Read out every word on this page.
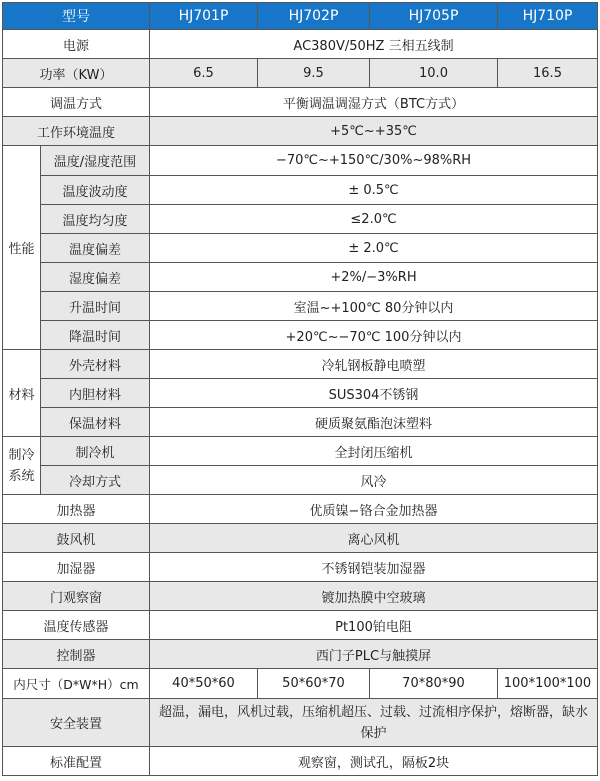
型号		HJ701P	HJ702P	HJ705P	HJ710P
电源		AC380V/50HZ 三相五线制			
功率（KW）		6.5	9.5	10.0	16.5
调温方式		平衡调温调湿方式（BTC方式）			
工作环境温度		+5℃~+35℃			
性能	温度/湿度范围	−70℃~+150℃/30%~98%RH			
	温度波动度	± 0.5℃			
	温度均匀度	≤2.0℃			
	温度偏差	± 2.0℃			
	湿度偏差	+2%/−3%RH			
	升温时间	室温~+100℃ 80分钟以内			
	降温时间	+20℃~−70℃ 100分钟以内			
材料	外壳材料	冷轧钢板静电喷塑			
	内胆材料	SUS304不锈钢			
	保温材料	硬质聚氨酯泡沫塑料			
制冷
系统	制冷机	全封闭压缩机			
	冷却方式	风冷			
加热器		优质镍−铬合金加热器			
鼓风机		离心风机			
加湿器		不锈钢铠装加湿器			
门观察窗		镀加热膜中空玻璃			
温度传感器		Pt100铂电阻			
控制器		西门子PLC与触摸屏			
内尺寸（D*W*H）cm		40*50*60	50*60*70	70*80*90	100*100*100
安全装置		超温，漏电，风机过载，压缩机超压、过载、过流相序保护，熔断器，缺水保护			
标准配置		观察窗，测试孔，隔板2块			
